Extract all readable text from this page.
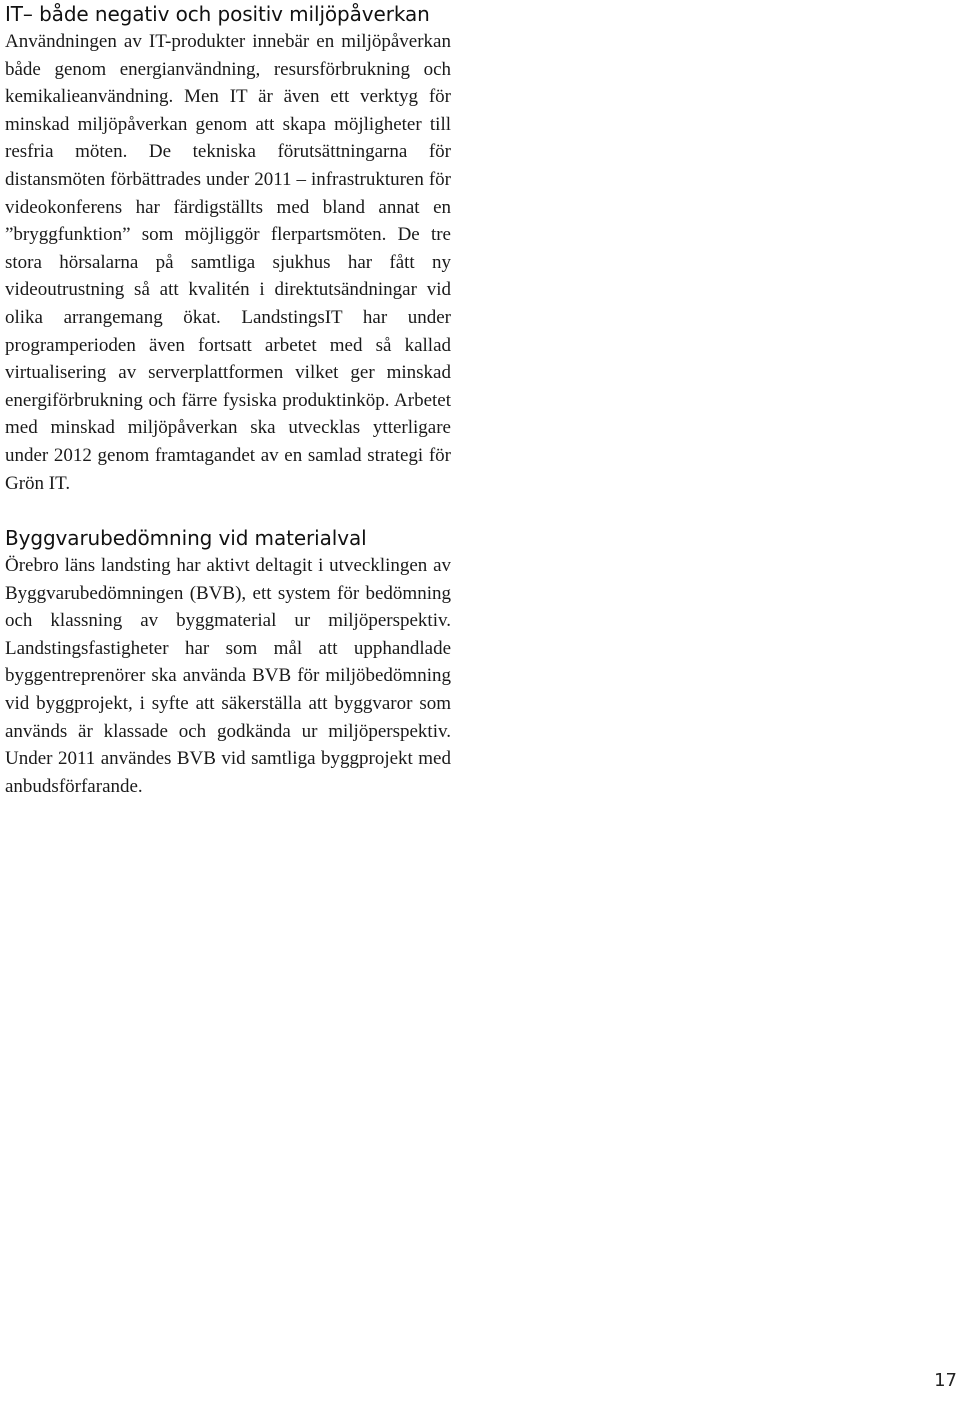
IT– både negativ och positiv miljöpåverkan

Användningen av IT-produkter innebär en miljöpåverkan både genom energianvändning, resursförbrukning och kemikalieanvändning. Men IT är även ett verktyg för minskad miljöpåverkan genom att skapa möjligheter till resfria möten. De tekniska förutsättningarna för distansmöten förbättrades under 2011 – infrastrukturen för videokonferens har färdigställts med bland annat en ”bryggfunktion” som möjliggör flerpartsmöten. De tre stora hörsalarna på samtliga sjukhus har fått ny videoutrustning så att kvalitén i direktutsändningar vid olika arrangemang ökat. LandstingsIT har under programperioden även fortsatt arbetet med så kallad virtualisering av serverplattformen vilket ger minskad energiförbrukning och färre fysiska produktinköp. Arbetet med minskad miljöpåverkan ska utvecklas ytterligare under 2012 genom framtagandet av en samlad strategi för Grön IT.

Byggvarubedömning vid materialval

Örebro läns landsting har aktivt deltagit i utvecklingen av Byggvarubedömningen (BVB), ett system för bedömning och klassning av byggmaterial ur miljöperspektiv. Landstingsfastigheter har som mål att upphandlade byggentreprenörer ska använda BVB för miljöbedömning vid byggprojekt, i syfte att säkerställa att byggvaror som används är klassade och godkända ur miljöperspektiv. Under 2011 användes BVB vid samtliga byggprojekt med anbudsförfarande.

17
